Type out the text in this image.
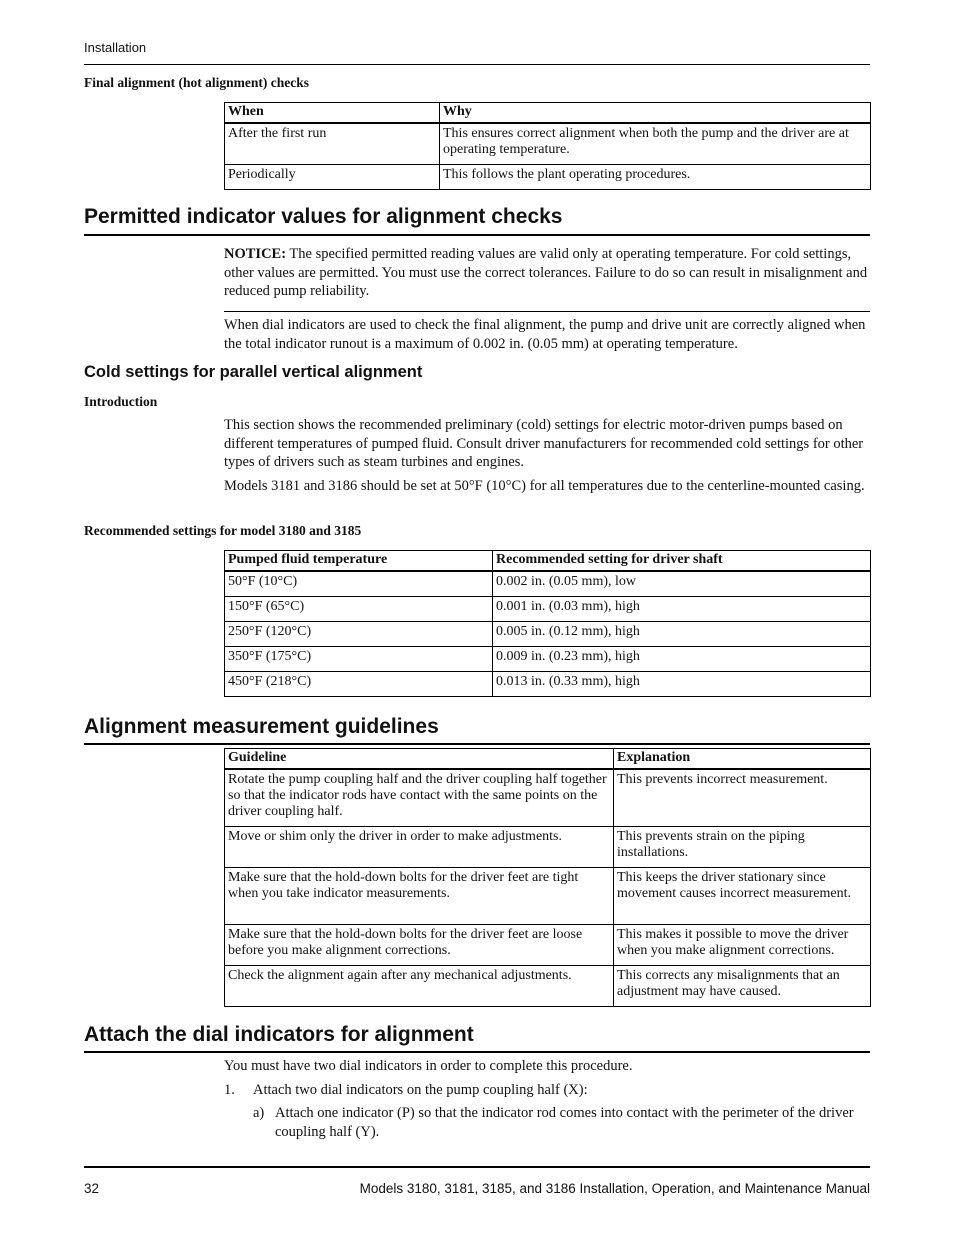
Installation
Final alignment (hot alignment) checks
When	Why
After the first run	This ensures correct alignment when both the pump and the driver are at operating temperature.
Periodically	This follows the plant operating procedures.
Permitted indicator values for alignment checks
NOTICE: The specified permitted reading values are valid only at operating temperature. For cold settings, other values are permitted. You must use the correct tolerances. Failure to do so can result in misalignment and reduced pump reliability.
When dial indicators are used to check the final alignment, the pump and drive unit are correctly aligned when the total indicator runout is a maximum of 0.002 in. (0.05 mm) at operating temperature.
Cold settings for parallel vertical alignment
Introduction
This section shows the recommended preliminary (cold) settings for electric motor-driven pumps based on different temperatures of pumped fluid. Consult driver manufacturers for recommended cold settings for other types of drivers such as steam turbines and engines.
Models 3181 and 3186 should be set at 50°F (10°C) for all temperatures due to the centerline-mounted casing.
Recommended settings for model 3180 and 3185
Pumped fluid temperature	Recommended setting for driver shaft
50°F (10°C)	0.002 in. (0.05 mm), low
150°F (65°C)	0.001 in. (0.03 mm), high
250°F (120°C)	0.005 in. (0.12 mm), high
350°F (175°C)	0.009 in. (0.23 mm), high
450°F (218°C)	0.013 in. (0.33 mm), high
Alignment measurement guidelines
Guideline	Explanation
Rotate the pump coupling half and the driver coupling half together so that the indicator rods have contact with the same points on the driver coupling half.	This prevents incorrect measurement.
Move or shim only the driver in order to make adjustments.	This prevents strain on the piping installations.
Make sure that the hold-down bolts for the driver feet are tight when you take indicator measurements.	This keeps the driver stationary since movement causes incorrect measurement.
Make sure that the hold-down bolts for the driver feet are loose before you make alignment corrections.	This makes it possible to move the driver when you make alignment corrections.
Check the alignment again after any mechanical adjustments.	This corrects any misalignments that an adjustment may have caused.
Attach the dial indicators for alignment
You must have two dial indicators in order to complete this procedure.
1. Attach two dial indicators on the pump coupling half (X):
a) Attach one indicator (P) so that the indicator rod comes into contact with the perimeter of the driver coupling half (Y).
32	Models 3180, 3181, 3185, and 3186 Installation, Operation, and Maintenance Manual
